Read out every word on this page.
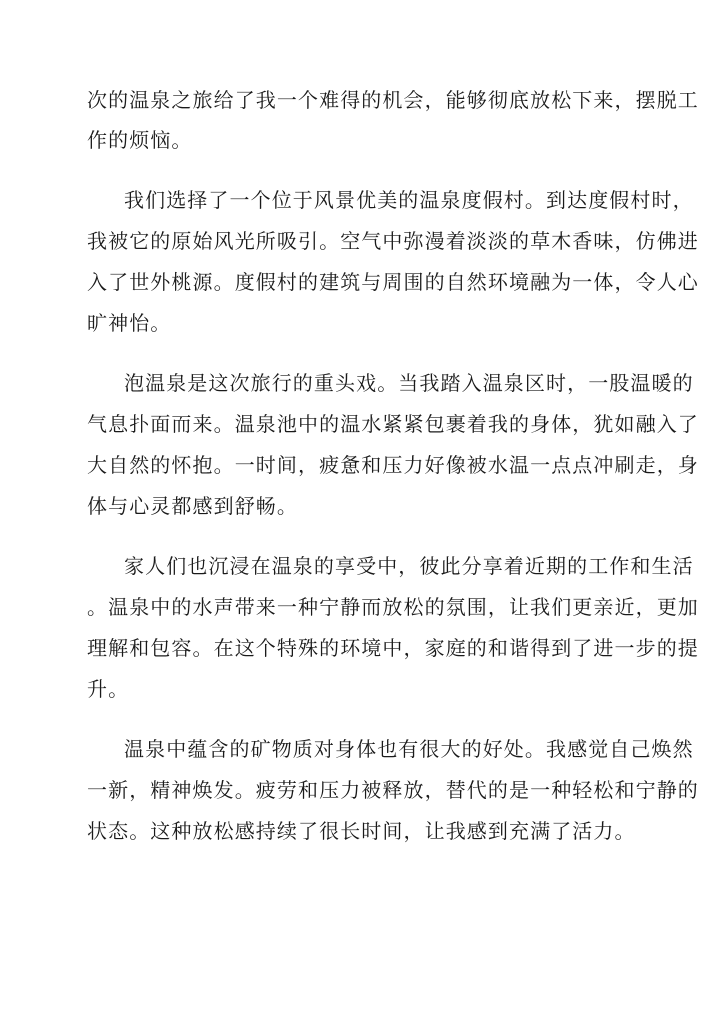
次的温泉之旅给了我一个难得的机会，能够彻底放松下来，摆脱工
作的烦恼。
我们选择了一个位于风景优美的温泉度假村。到达度假村时，
我被它的原始风光所吸引。空气中弥漫着淡淡的草木香味，仿佛进
入了世外桃源。度假村的建筑与周围的自然环境融为一体，令人心
旷神怡。
泡温泉是这次旅行的重头戏。当我踏入温泉区时，一股温暖的
气息扑面而来。温泉池中的温水紧紧包裹着我的身体，犹如融入了
大自然的怀抱。一时间，疲惫和压力好像被水温一点点冲刷走，身
体与心灵都感到舒畅。
家人们也沉浸在温泉的享受中，彼此分享着近期的工作和生活
。温泉中的水声带来一种宁静而放松的氛围，让我们更亲近，更加
理解和包容。在这个特殊的环境中，家庭的和谐得到了进一步的提
升。
温泉中蕴含的矿物质对身体也有很大的好处。我感觉自己焕然
一新，精神焕发。疲劳和压力被释放，替代的是一种轻松和宁静的
状态。这种放松感持续了很长时间，让我感到充满了活力。
